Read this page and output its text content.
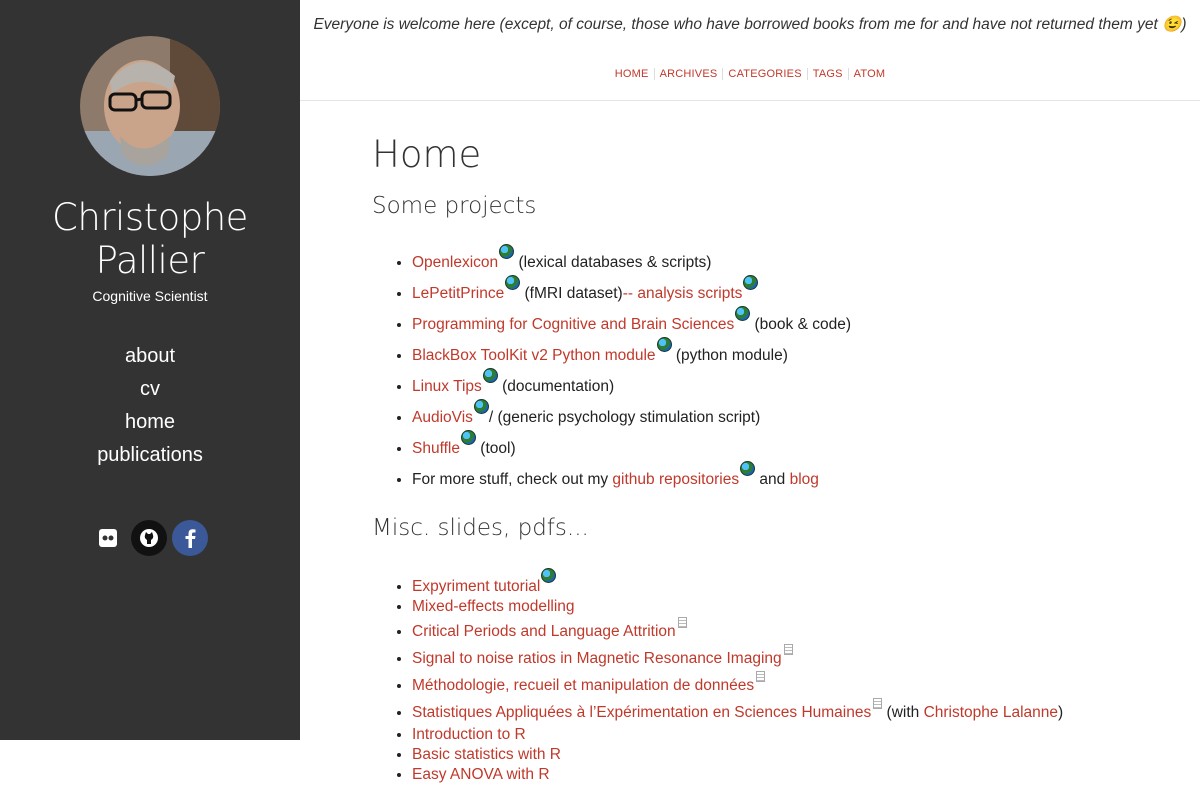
Christophe
Pallier
Cognitive Scientist
about
cv
home
publications
Everyone is welcome here (except, of course, those who have borrowed books from me for and have not returned them yet 😉)
HOME	ARCHIVES	CATEGORIES	TAGS	ATOM
Home
Some projects
• Openlexicon (lexical databases & scripts)
• LePetitPrince (fMRI dataset)-- analysis scripts
• Programming for Cognitive and Brain Sciences (book & code)
• BlackBox ToolKit v2 Python module (python module)
• Linux Tips (documentation)
• AudioVis / (generic psychology stimulation script)
• Shuffle (tool)
• For more stuff, check out my github repositories and blog
Misc. slides, pdfs...
• Expyriment tutorial
• Mixed-effects modelling
• Critical Periods and Language Attrition
• Signal to noise ratios in Magnetic Resonance Imaging
• Méthodologie, recueil et manipulation de données
• Statistiques Appliquées à l’Expérimentation en Sciences Humaines (with Christophe Lalanne)
• Introduction to R
• Basic statistics with R
• Easy ANOVA with R
